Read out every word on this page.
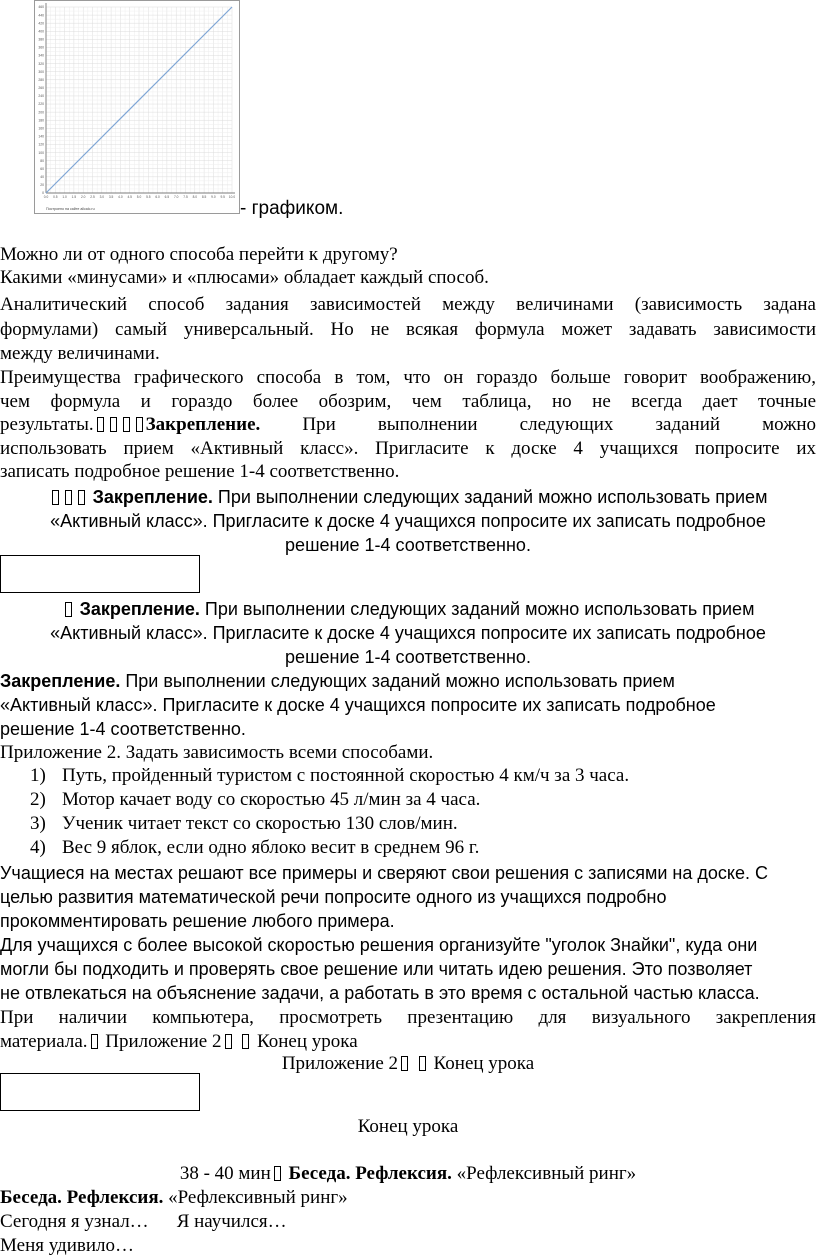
0
20
40
60
80
100
120
140
160
180
200
220
240
260
280
300
320
340
360
380
400
420
440
460
0.0 0.5 1.0 1.5 2.0 2.5 3.0 3.5 4.0 4.5 5.0 5.5 6.0 6.5 7.0 7.5 8.0 8.5 9.0 9.5 10.0
Построено на сайте allcalc.ru	- графиком.
Можно ли от одного способа перейти к другому?
Какими «минусами» и «плюсами» обладает каждый способ.
Аналитический способ задания зависимостей между величинами (зависимость задана
формулами) самый универсальный. Но не всякая формула может задавать зависимости
между величинами.
Преимущества графического способа в том, что он гораздо больше говорит воображению,
чем формула и гораздо более обозрим, чем таблица, но не всегда дает точные
результаты.	Закрепление. При выполнении следующих заданий можно
использовать прием «Активный класс». Пригласите к доске 4 учащихся попросите их
записать подробное решение 1-4 соответственно.
Закрепление. При выполнении следующих заданий можно использовать прием
«Активный класс». Пригласите к доске 4 учащихся попросите их записать подробное
решение 1-4 соответственно.
Закрепление. При выполнении следующих заданий можно использовать прием
«Активный класс». Пригласите к доске 4 учащихся попросите их записать подробное
решение 1-4 соответственно.
Закрепление. При выполнении следующих заданий можно использовать прием
«Активный класс». Пригласите к доске 4 учащихся попросите их записать подробное
решение 1-4 соответственно.
Приложение 2. Задать зависимость всеми способами.
1) Путь, пройденный туристом с постоянной скоростью 4 км/ч за 3 часа.
2) Мотор качает воду со скоростью 45 л/мин за 4 часа.
3) Ученик читает текст со скоростью 130 слов/мин.
4) Вес 9 яблок, если одно яблоко весит в среднем 96 г.
Учащиеся на местах решают все примеры и сверяют свои решения с записями на доске. С
целью развития математической речи попросите одного из учащихся подробно
прокомментировать решение любого примера.
Для учащихся с более высокой скоростью решения организуйте "уголок Знайки", куда они
могли бы подходить и проверять свое решение или читать идею решения. Это позволяет
не отвлекаться на объяснение задачи, а работать в это время с остальной частью класса.
При наличии компьютера, просмотреть презентацию для визуального закрепления
материала. Приложение 2 Конец урока
Приложение 2 Конец урока
Конец урока
38 - 40 мин Беседа. Рефлексия. «Рефлексивный ринг»
Беседа. Рефлексия. «Рефлексивный ринг»
Сегодня я узнал… Я научился…
Меня удивило…
